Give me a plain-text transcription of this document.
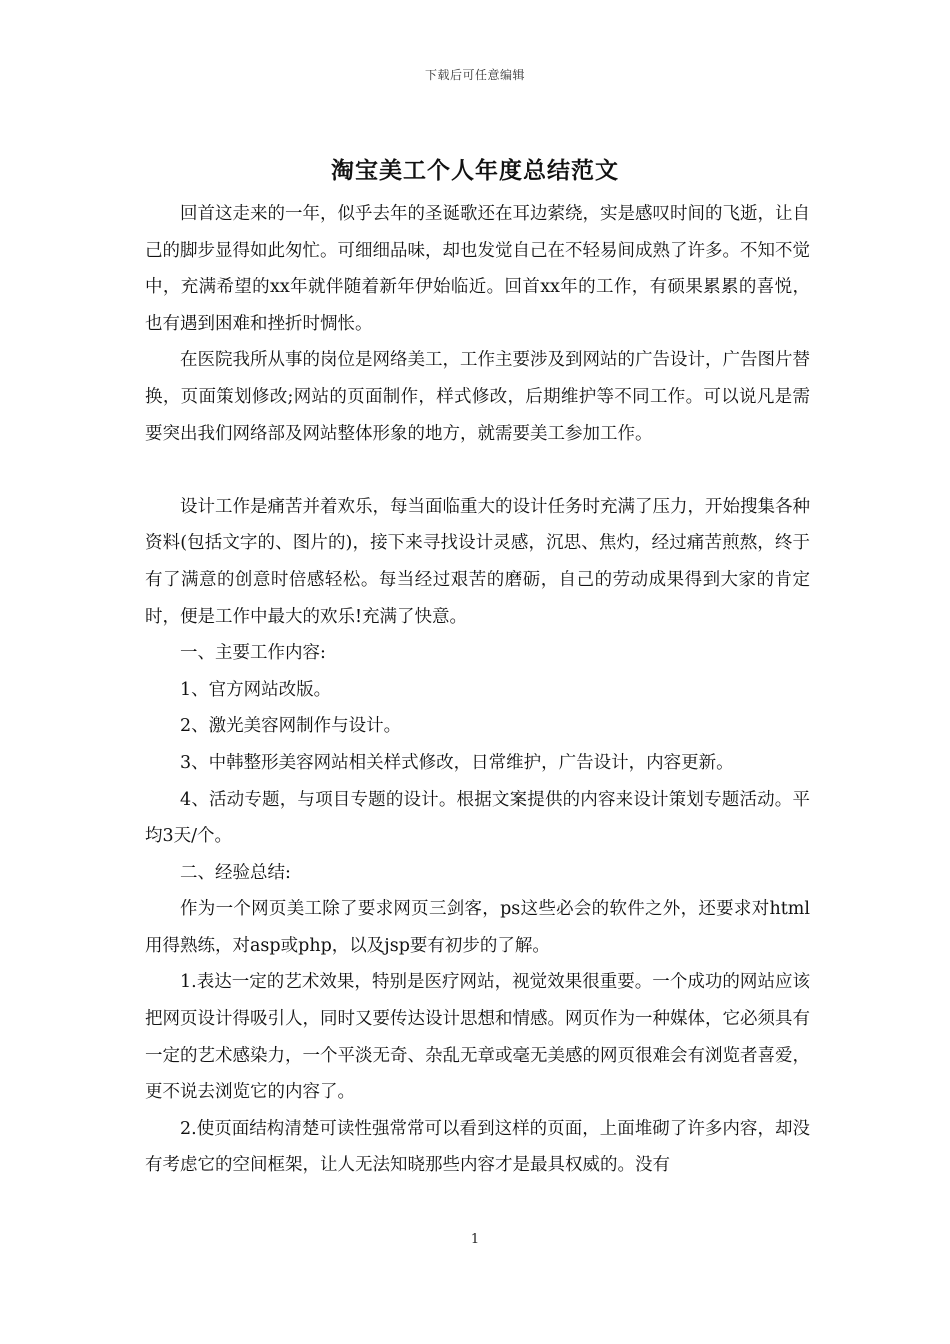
下载后可任意编辑
淘宝美工个人年度总结范文

回首这走来的一年，似乎去年的圣诞歌还在耳边萦绕，实是感叹时间的飞逝，让自己的脚步显得如此匆忙。可细细品味，却也发觉自己在不轻易间成熟了许多。不知不觉中，充满希望的xx年就伴随着新年伊始临近。回首xx年的工作，有硕果累累的喜悦，也有遇到困难和挫折时惆怅。

在医院我所从事的岗位是网络美工，工作主要涉及到网站的广告设计，广告图片替换，页面策划修改;网站的页面制作，样式修改，后期维护等不同工作。可以说凡是需要突出我们网络部及网站整体形象的地方，就需要美工参加工作。

设计工作是痛苦并着欢乐，每当面临重大的设计任务时充满了压力，开始搜集各种资料(包括文字的、图片的)，接下来寻找设计灵感，沉思、焦灼，经过痛苦煎熬，终于有了满意的创意时倍感轻松。每当经过艰苦的磨砺，自己的劳动成果得到大家的肯定时，便是工作中最大的欢乐!充满了快意。

一、主要工作内容:

1、官方网站改版。

2、激光美容网制作与设计。

3、中韩整形美容网站相关样式修改，日常维护，广告设计，内容更新。

4、活动专题，与项目专题的设计。根据文案提供的内容来设计策划专题活动。平均3天/个。

二、经验总结:

作为一个网页美工除了要求网页三剑客，ps这些必会的软件之外，还要求对html用得熟练，对asp或php，以及jsp要有初步的了解。

1.表达一定的艺术效果，特别是医疗网站，视觉效果很重要。一个成功的网站应该把网页设计得吸引人，同时又要传达设计思想和情感。网页作为一种媒体，它必须具有一定的艺术感染力，一个平淡无奇、杂乱无章或毫无美感的网页很难会有浏览者喜爱，更不说去浏览它的内容了。

2.使页面结构清楚可读性强常常可以看到这样的页面，上面堆砌了许多内容，却没有考虑它的空间框架，让人无法知晓那些内容才是最具权威的。没有

1
